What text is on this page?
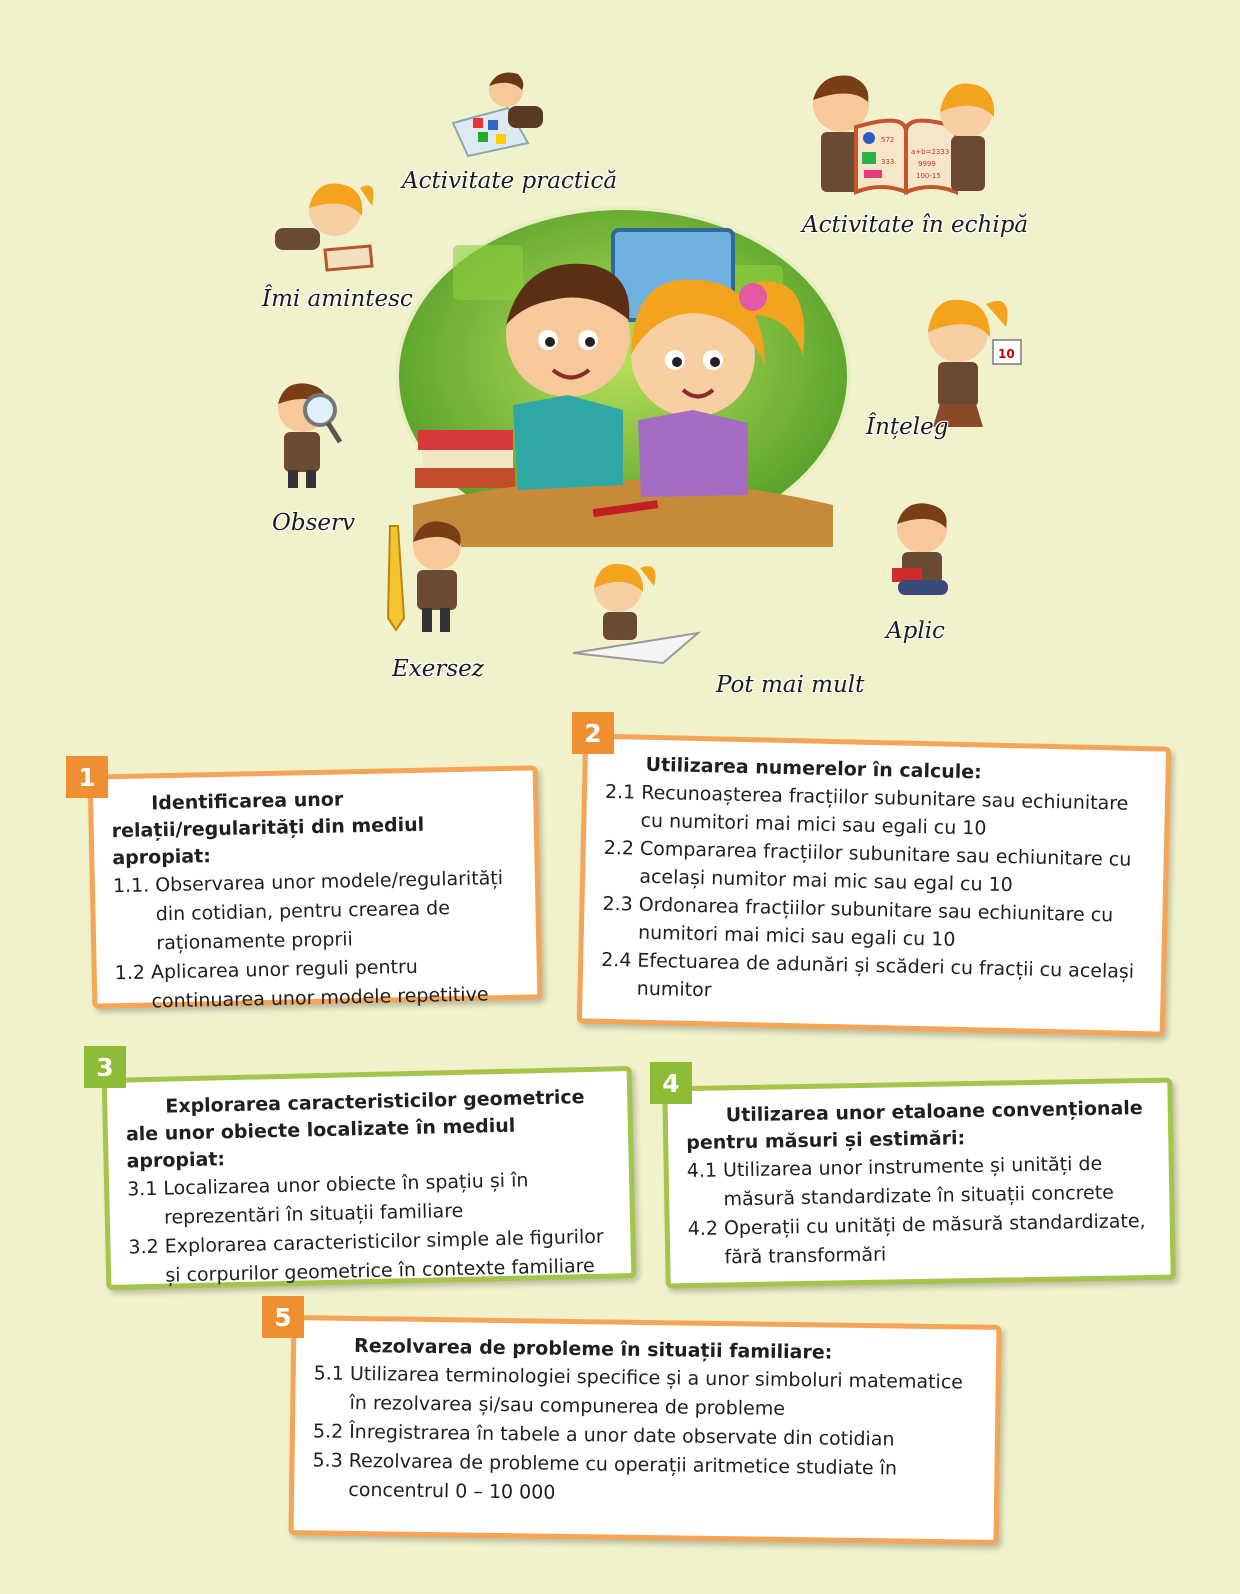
572
333
a+b=2333
9999
100-15
10
Activitate practică
Activitate în echipă
Îmi amintesc
Înțeleg
Observ
Aplic
Exersez
Pot mai mult
Identificarea unor relații/regularități din mediul apropiat:
1.1. Observarea unor modele/regularități din cotidian, pentru crearea de raționamente proprii
1.2 Aplicarea unor reguli pentru continuarea unor modele repetitive
1	Utilizarea numerelor în calcule:
2.1 Recunoașterea fracțiilor subunitare sau echiunitare cu numitori mai mici sau egali cu 10
2.2 Compararea fracțiilor subunitare sau echiunitare cu același numitor mai mic sau egal cu 10
2.3 Ordonarea fracțiilor subunitare sau echiunitare cu numitori mai mici sau egali cu 10
2.4 Efectuarea de adunări și scăderi cu fracții cu același numitor
2
Explorarea caracteristicilor geometrice ale unor obiecte localizate în mediul apropiat:
3.1 Localizarea unor obiecte în spațiu și în reprezentări în situații familiare
3.2 Explorarea caracteristicilor simple ale figurilor și corpurilor geometrice în contexte familiare
3
Utilizarea unor etaloane convenționale pentru măsuri și estimări:
4.1 Utilizarea unor instrumente și unități de măsură standardizate în situații concrete
4.2 Operații cu unități de măsură standardizate, fără transformări
4
Rezolvarea de probleme în situații familiare:
5.1 Utilizarea terminologiei specifice și a unor simboluri matematice în rezolvarea și/sau compunerea de probleme
5.2 Înregistrarea în tabele a unor date observate din cotidian
5.3 Rezolvarea de probleme cu operații aritmetice studiate în concentrul 0 – 10 000
5
